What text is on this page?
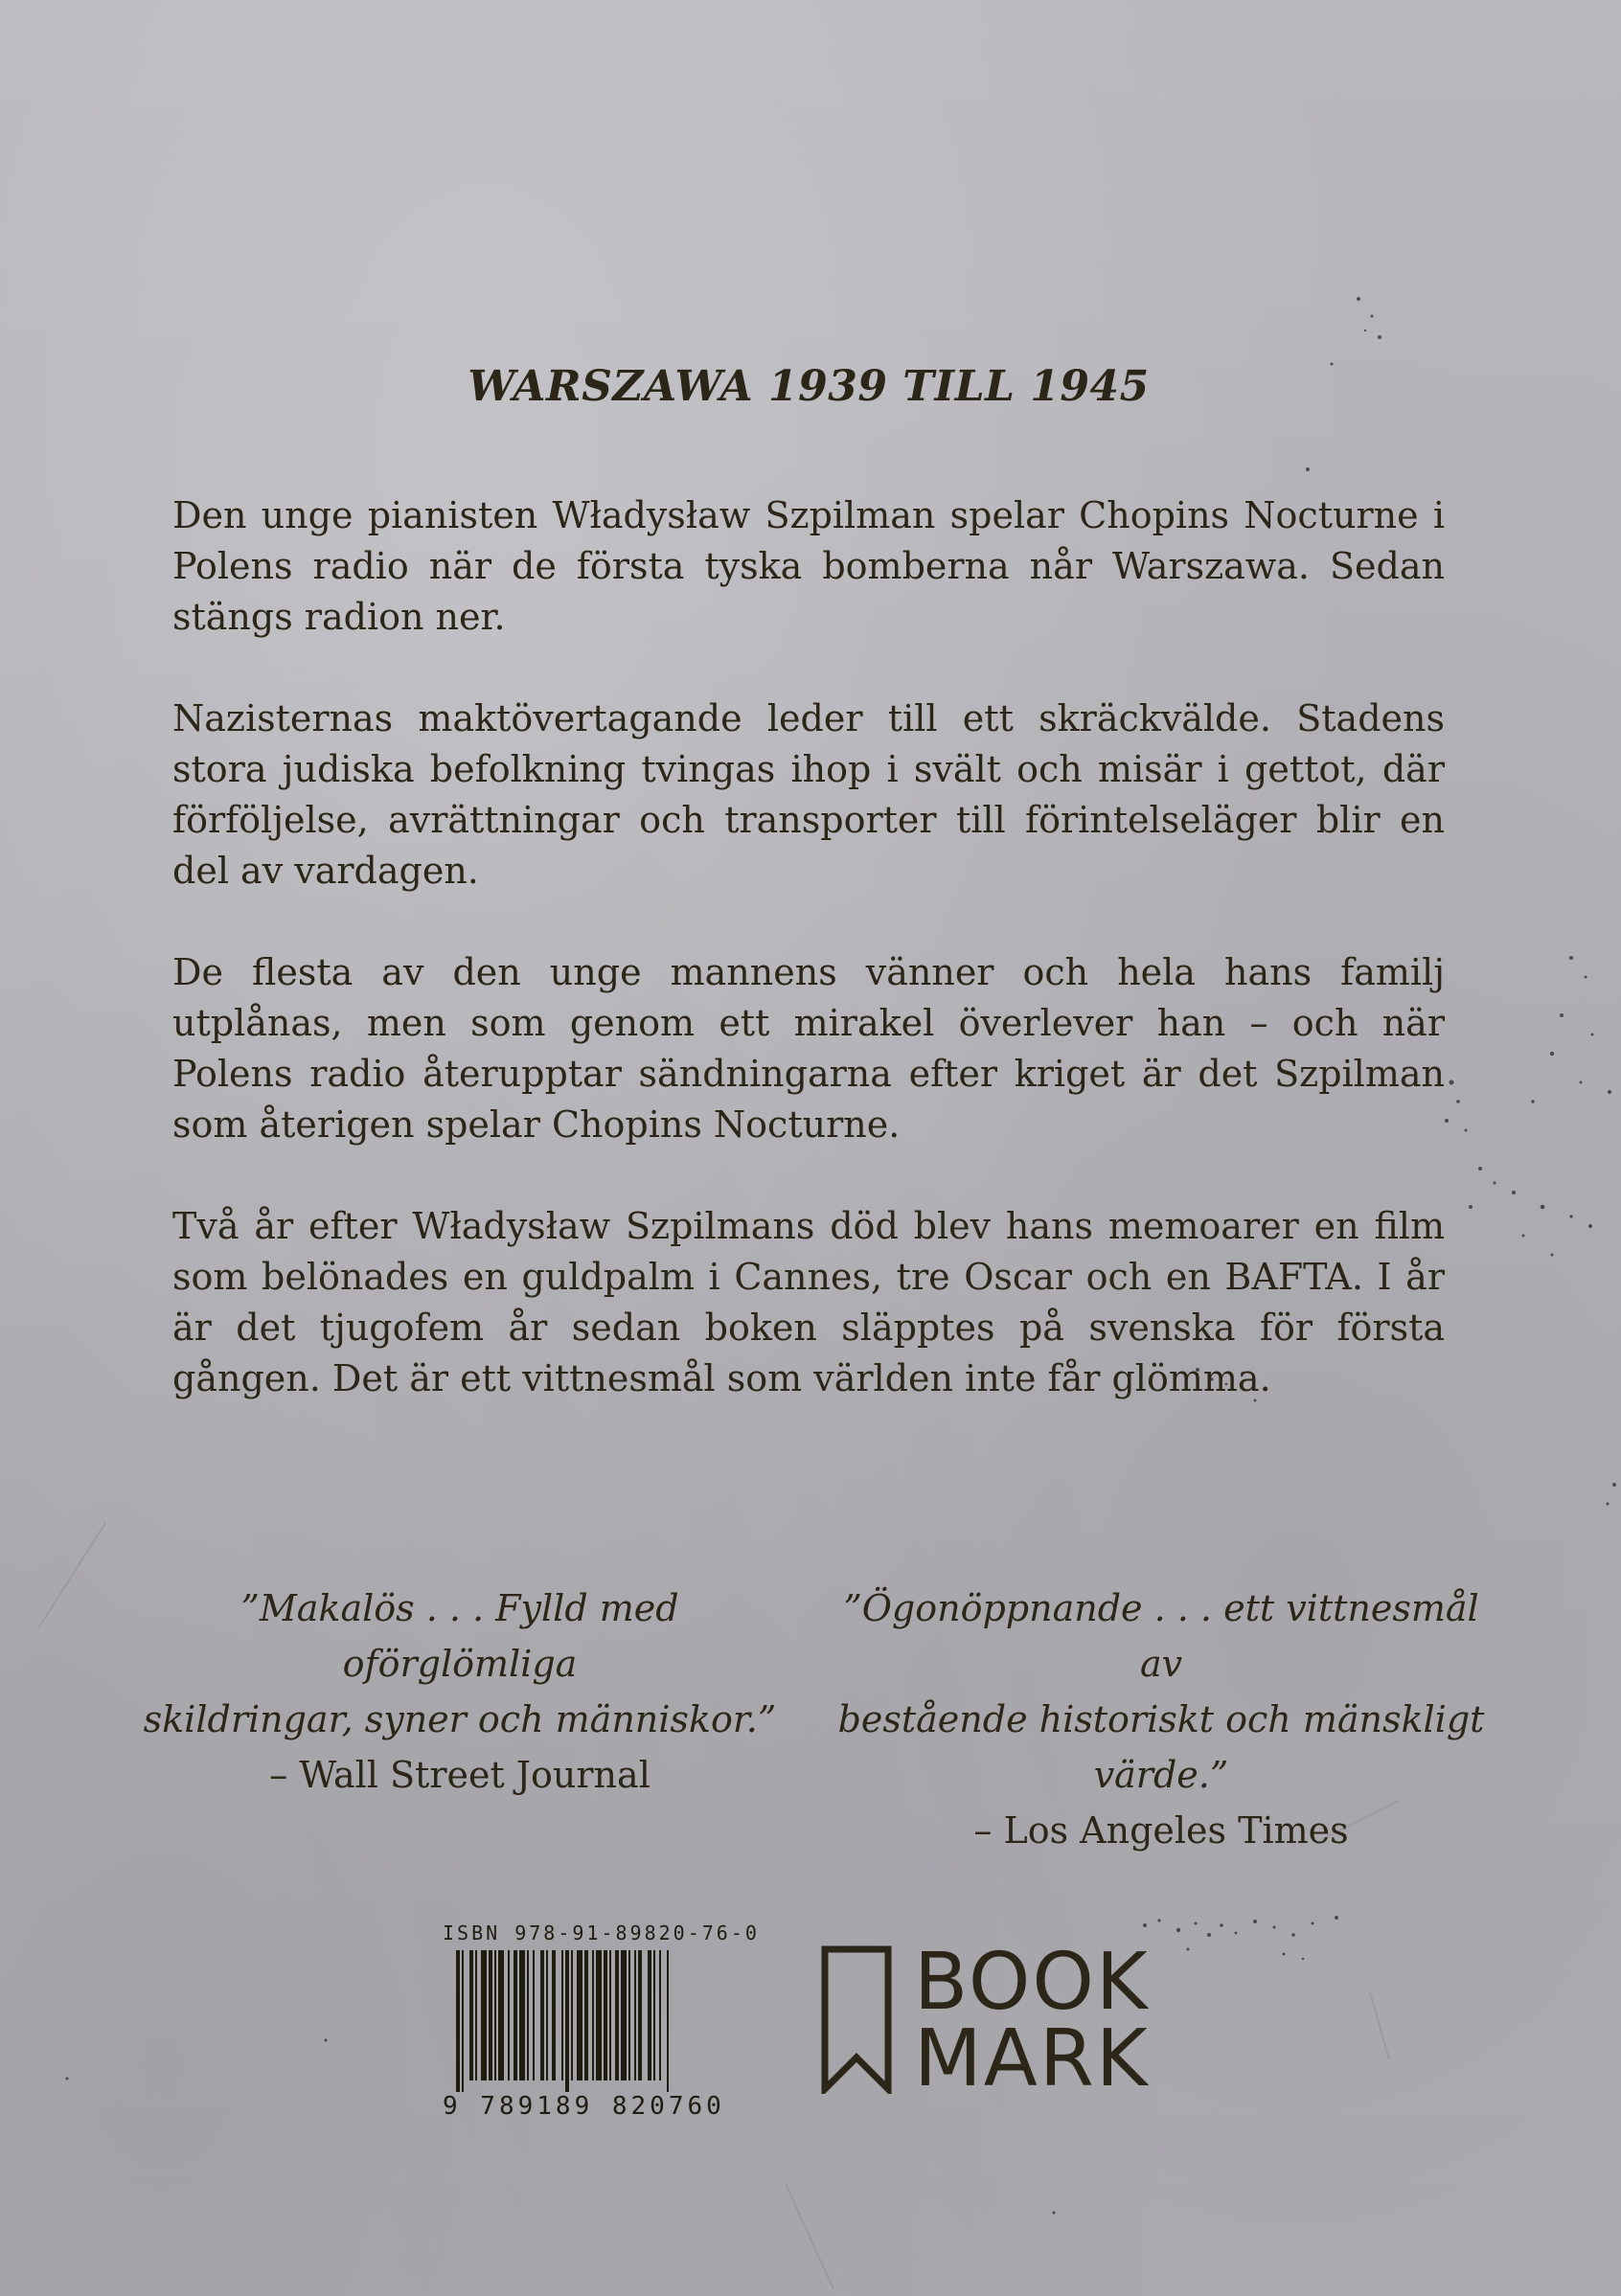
WARSZAWA 1939 TILL 1945

Den unge pianisten Władysław Szpilman spelar Chopins Nocturne i Polens radio när de första tyska bomberna når Warszawa. Sedan stängs radion ner.

Nazisternas maktövertagande leder till ett skräckvälde. Stadens stora judiska befolkning tvingas ihop i svält och misär i gettot, där förföljelse, avrättningar och transporter till förintelseläger blir en del av vardagen.

De flesta av den unge mannens vänner och hela hans familj utplånas, men som genom ett mirakel överlever han – och när Polens radio återupptar sändningarna efter kriget är det Szpilman som återigen spelar Chopins Nocturne.

Två år efter Władysław Szpilmans död blev hans memoarer en film som belönades en guldpalm i Cannes, tre Oscar och en BAFTA. I år är det tjugofem år sedan boken släpptes på svenska för första gången. Det är ett vittnesmål som världen inte får glömma.

”Makalös . . . Fylld med oförglömliga
skildringar, syner och människor.”
– Wall Street Journal
”Ögonöppnande . . . ett vittnesmål av
bestående historiskt och mänskligt värde.”
– Los Angeles Times
ISBN 978-91-89820-76-0
9 789189 820760
BOOK
MARK
